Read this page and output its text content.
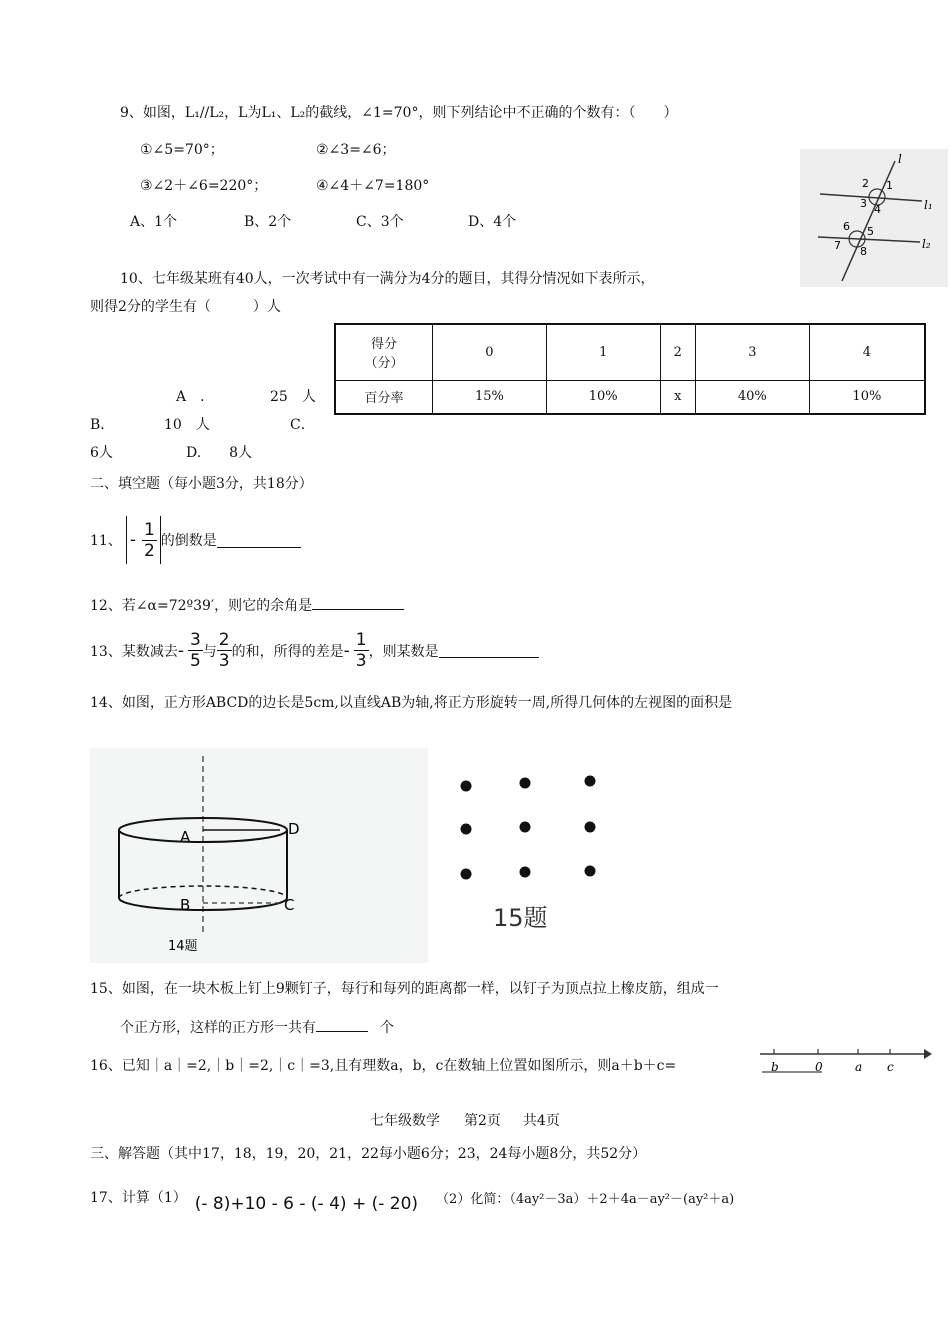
9、如图，L₁//L₂，L为L₁、L₂的截线，∠1=70°，则下列结论中不正确的个数有：（　　）
①∠5=70°；	②∠3=∠6；
③∠2＋∠6=220°；	④∠4＋∠7=180°
A、1个	B、2个	C、3个	D、4个
l
l₁
l₂
2 1
3 4
6 5
7 8
10、七年级某班有40人，一次考试中有一满分为4分的题目，其得分情况如下表所示，
则得2分的学生有（　　　）人
得分
（分）	0	1	2	3	4
百分率	15%	10%	x	40%	10%
A　．	25　人
B．	10　人	C．
6人	D.　　8人
二、填空题（每小题3分，共18分）
11、 - $\frac{1}{2}$ 的倒数是
12、若∠α=72º39′，则它的余角是
13、某数减去 - $\frac{3}{5}$ 与 $\frac{2}{3}$ 的和，所得的差是 - $\frac{1}{3}$ ，则某数是
14、如图，正方形ABCD的边长是5cm,以直线AB为轴,将正方形旋转一周,所得几何体的左视图的面积是
A	D
B	C
14题
15题
15、如图，在一块木板上钉上9颗钉子，每行和每列的距离都一样，以钉子为顶点拉上橡皮筋，组成一
个正方形，这样的正方形一共有	个
16、已知｜a｜=2,｜b｜=2,｜c｜=3,且有理数a，b，c在数轴上位置如图所示，则a＋b＋c=	b	0	a c
七年级数学 第2页 共4页
三、解答题（其中17，18，19，20，21，22每小题6分；23，24每小题8分，共52分）
17、计算（1） (- 8)+10 - 6 - (- 4) + (- 20) （2）化简：（4ay²－3a）＋2＋4a－ay²－(ay²＋a)
